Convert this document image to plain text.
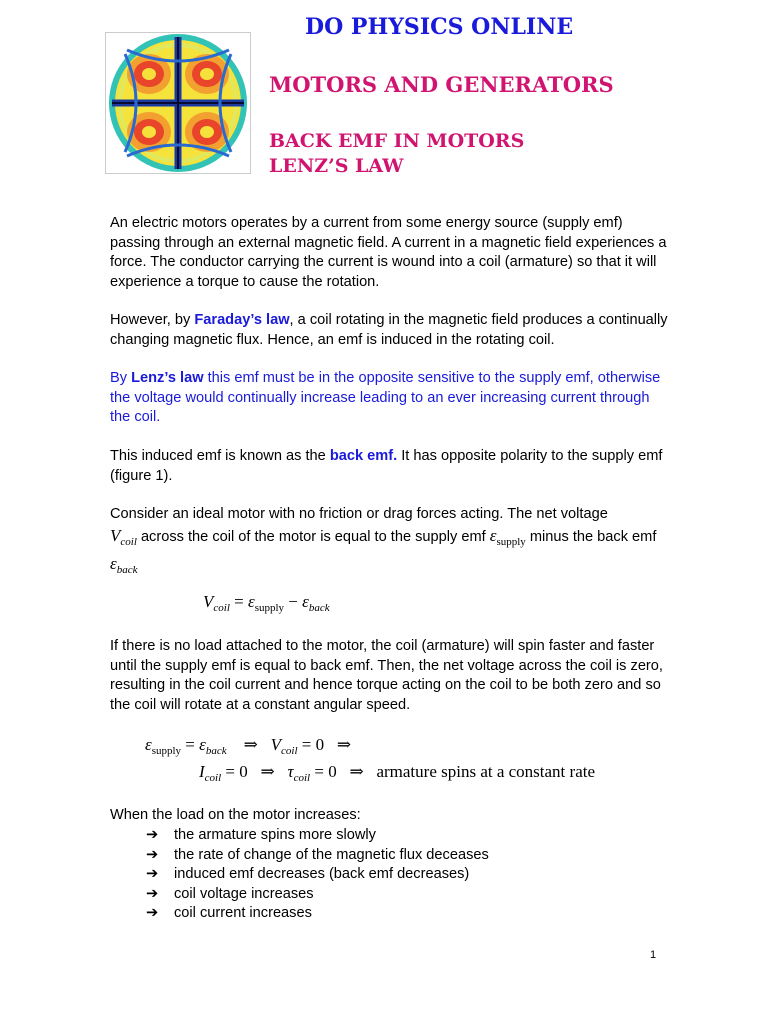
DO PHYSICS ONLINE
MOTORS AND GENERATORS
BACK EMF IN MOTORS
LENZ’S LAW

An electric motors operates by a current from some energy source (supply emf) passing through an external magnetic field. A current in a magnetic field experiences a force. The conductor carrying the current is wound into a coil (armature) so that it will experience a torque to cause the rotation.

However, by Faraday’s law, a coil rotating in the magnetic field produces a continually changing magnetic flux. Hence, an emf is induced in the rotating coil.

By Lenz’s law this emf must be in the opposite sensitive to the supply emf, otherwise the voltage would continually increase leading to an ever increasing current through the coil.

This induced emf is known as the back emf. It has opposite polarity to the supply emf (figure 1).

Consider an ideal motor with no friction or drag forces acting. The net voltage
$V_{coil}$ across the coil of the motor is equal to the supply emf $\varepsilon_{supply}$ minus the back emf $\varepsilon_{back}$

$V_{coil} = \varepsilon_{supply} - \varepsilon_{back}$

If there is no load attached to the motor, the coil (armature) will spin faster and faster until the supply emf is equal to back emf. Then, the net voltage across the coil is zero, resulting in the coil current and hence torque acting on the coil to be both zero and so the coil will rotate at a constant angular speed.

$\varepsilon_{supply} = \varepsilon_{back}$ ⇒ $V_{coil} = 0$ ⇒
$I_{coil} = 0$ ⇒ $\tau_{coil} = 0$ ⇒ armature spins at a constant rate

When the load on the motor increases:

➔	the armature spins more slowly
➔	the rate of change of the magnetic flux deceases
➔	induced emf decreases (back emf decreases)
➔	coil voltage increases
➔	coil current increases
1
